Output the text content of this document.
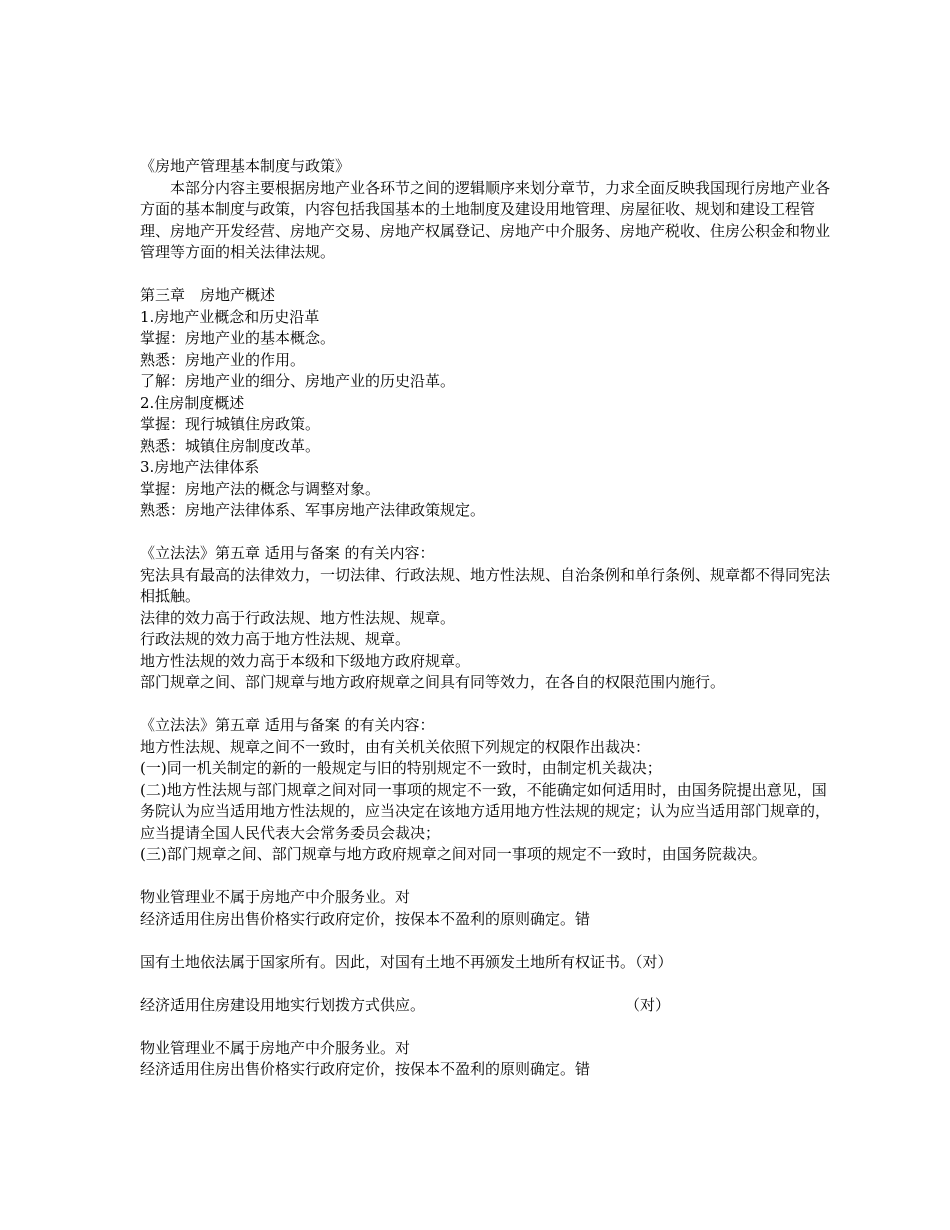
《房地产管理基本制度与政策》
本部分内容主要根据房地产业各环节之间的逻辑顺序来划分章节，力求全面反映我国现行房地产业各方面的基本制度与政策，内容包括我国基本的土地制度及建设用地管理、房屋征收、规划和建设工程管理、房地产开发经营、房地产交易、房地产权属登记、房地产中介服务、房地产税收、住房公积金和物业管理等方面的相关法律法规。
第三章　房地产概述
1.房地产业概念和历史沿革
掌握：房地产业的基本概念。
熟悉：房地产业的作用。
了解：房地产业的细分、房地产业的历史沿革。
2.住房制度概述
掌握：现行城镇住房政策。
熟悉：城镇住房制度改革。
3.房地产法律体系
掌握：房地产法的概念与调整对象。
熟悉：房地产法律体系、军事房地产法律政策规定。
《立法法》第五章 适用与备案 的有关内容：
宪法具有最高的法律效力，一切法律、行政法规、地方性法规、自治条例和单行条例、规章都不得同宪法相抵触。
法律的效力高于行政法规、地方性法规、规章。
行政法规的效力高于地方性法规、规章。
地方性法规的效力高于本级和下级地方政府规章。
部门规章之间、部门规章与地方政府规章之间具有同等效力，在各自的权限范围内施行。
《立法法》第五章 适用与备案 的有关内容：
地方性法规、规章之间不一致时，由有关机关依照下列规定的权限作出裁决：
(一)同一机关制定的新的一般规定与旧的特别规定不一致时，由制定机关裁决；
(二)地方性法规与部门规章之间对同一事项的规定不一致，不能确定如何适用时，由国务院提出意见，国务院认为应当适用地方性法规的，应当决定在该地方适用地方性法规的规定；认为应当适用部门规章的，应当提请全国人民代表大会常务委员会裁决；
(三)部门规章之间、部门规章与地方政府规章之间对同一事项的规定不一致时，由国务院裁决。
物业管理业不属于房地产中介服务业。对
经济适用住房出售价格实行政府定价，按保本不盈利的原则确定。错
国有土地依法属于国家所有。因此，对国有土地不再颁发土地所有权证书。（对）
经济适用住房建设用地实行划拨方式供应。	（对）
物业管理业不属于房地产中介服务业。对
经济适用住房出售价格实行政府定价，按保本不盈利的原则确定。错
